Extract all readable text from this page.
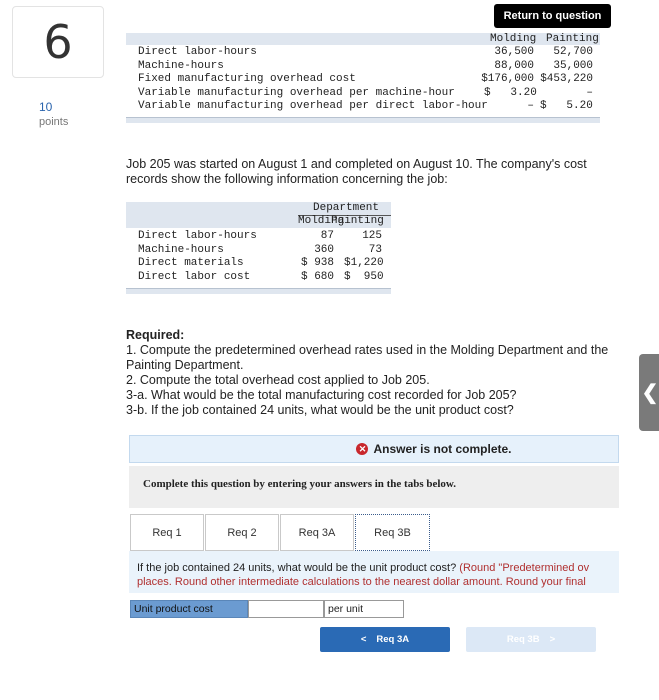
6
10
points
Return to question
Molding Painting
Direct labor-hours	36,500	52,700
Machine-hours	88,000	35,000
Fixed manufacturing overhead cost	$176,000 $453,220
Variable manufacturing overhead per machine-hour	$   3.20	–
Variable manufacturing overhead per direct labor-hour	– $   5.20
Job 205 was started on August 1 and completed on August 10. The company's cost records show the following information concerning the job:
Department
Molding
Painting
Direct labor-hours	87	125
Machine-hours	360	73
Direct materials	$ 938 $1,220
Direct labor cost	$ 680 $  950
Required:
1. Compute the predetermined overhead rates used in the Molding Department and the Painting Department.
2. Compute the total overhead cost applied to Job 205.
3-a. What would be the total manufacturing cost recorded for Job 205?
3-b. If the job contained 24 units, what would be the unit product cost?
✕ Answer is not complete.
Complete this question by entering your answers in the tabs below.
Req 1	Req 2	Req 3A	Req 3B
If the job contained 24 units, what would be the unit product cost? (Round "Predetermined ov
places. Round other intermediate calculations to the nearest dollar amount. Round your final
Unit product cost	per unit
< Req 3A	Req 3B >
❮
